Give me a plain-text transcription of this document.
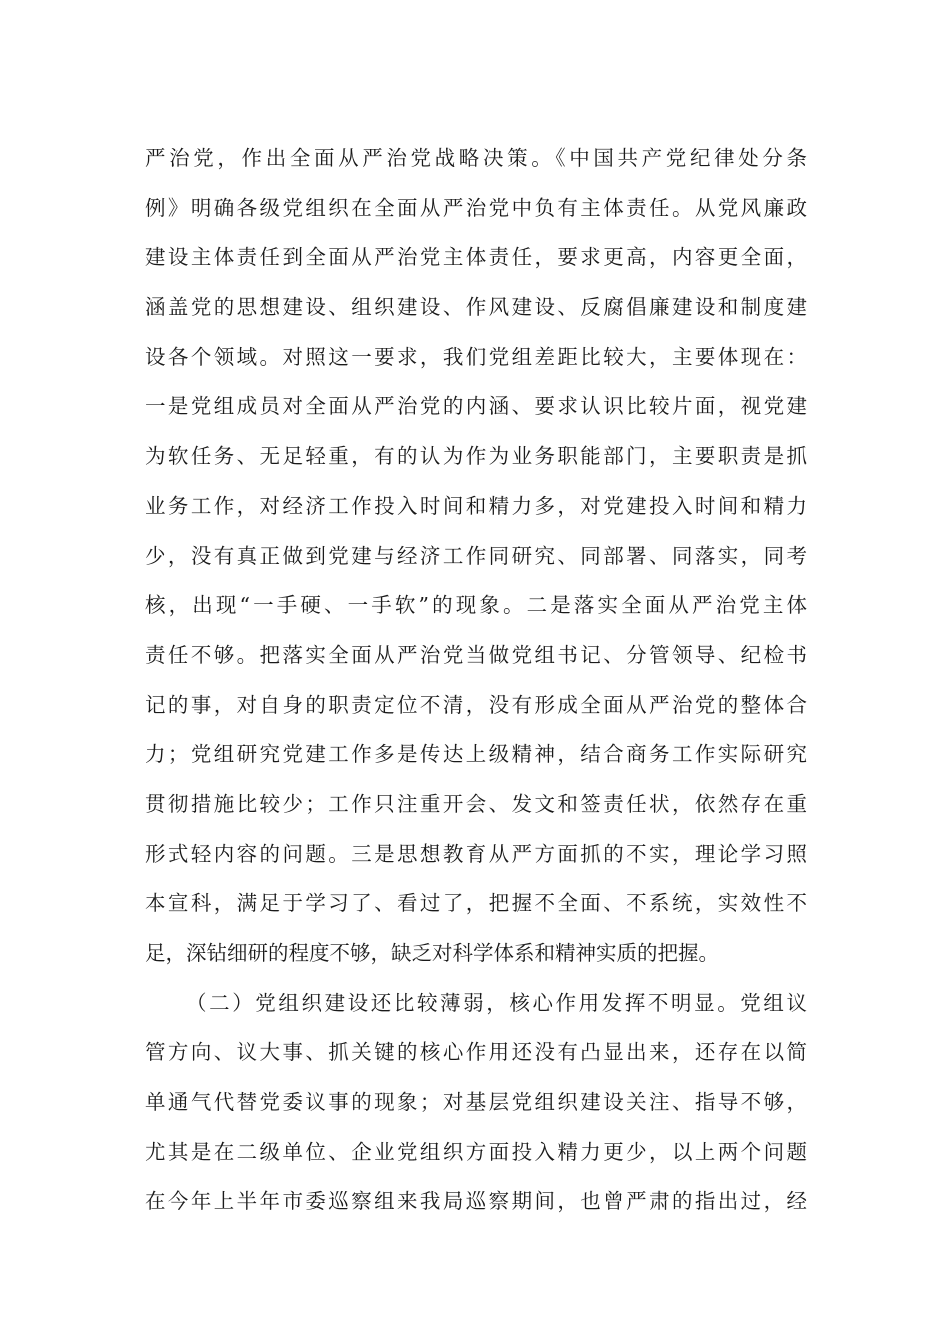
严治党，作出全面从严治党战略决策。《中国共产党纪律处分条
例》明确各级党组织在全面从严治党中负有主体责任。从党风廉政
建设主体责任到全面从严治党主体责任，要求更高，内容更全面，
涵盖党的思想建设、组织建设、作风建设、反腐倡廉建设和制度建
设各个领域。对照这一要求，我们党组差距比较大，主要体现在：
一是党组成员对全面从严治党的内涵、要求认识比较片面，视党建
为软任务、无足轻重，有的认为作为业务职能部门，主要职责是抓
业务工作，对经济工作投入时间和精力多，对党建投入时间和精力
少，没有真正做到党建与经济工作同研究、同部署、同落实，同考
核，出现“一手硬、一手软”的现象。二是落实全面从严治党主体
责任不够。把落实全面从严治党当做党组书记、分管领导、纪检书
记的事，对自身的职责定位不清，没有形成全面从严治党的整体合
力；党组研究党建工作多是传达上级精神，结合商务工作实际研究
贯彻措施比较少；工作只注重开会、发文和签责任状，依然存在重
形式轻内容的问题。三是思想教育从严方面抓的不实，理论学习照
本宣科，满足于学习了、看过了，把握不全面、不系统，实效性不
足，深钻细研的程度不够，缺乏对科学体系和精神实质的把握。
（二）党组织建设还比较薄弱，核心作用发挥不明显。党组议
管方向、议大事、抓关键的核心作用还没有凸显出来，还存在以简
单通气代替党委议事的现象；对基层党组织建设关注、指导不够，
尤其是在二级单位、企业党组织方面投入精力更少，以上两个问题
在今年上半年市委巡察组来我局巡察期间，也曾严肃的指出过，经
